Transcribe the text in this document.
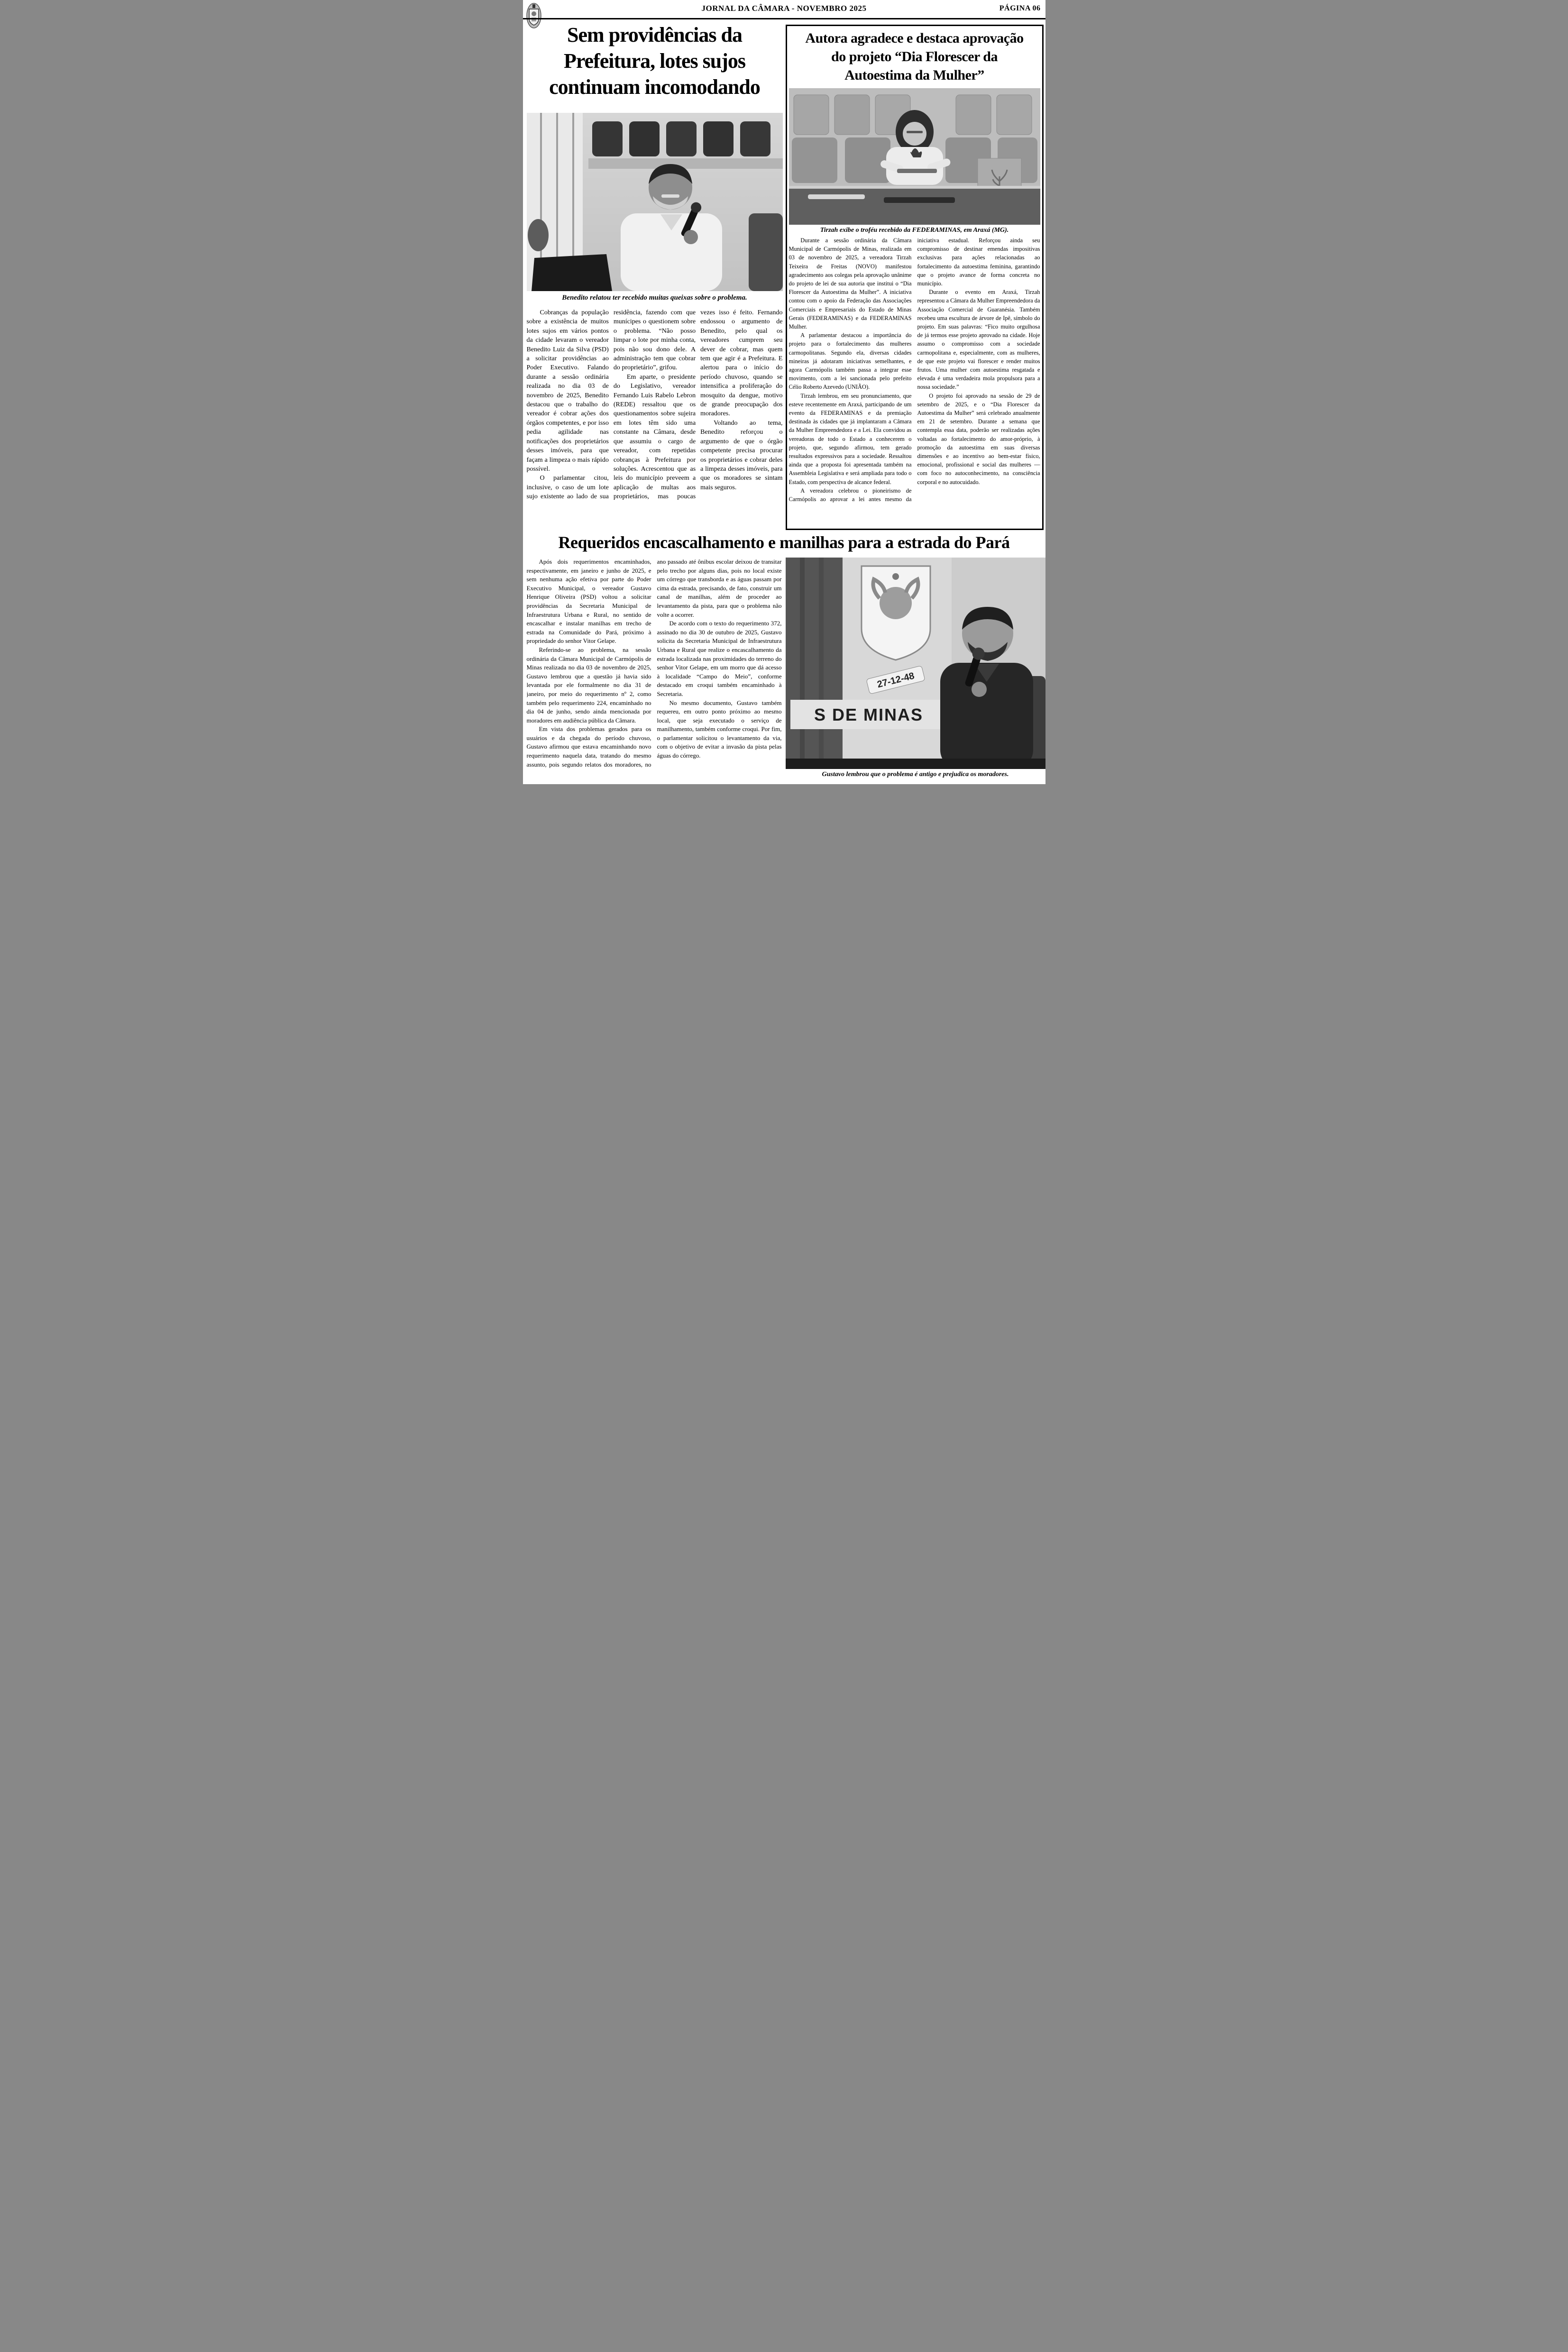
JORNAL DA CÂMARA - NOVEMBRO 2025	PÁGINA 06
Sem providências da Prefeitura, lotes sujos continuam incomodando
Benedito relatou ter recebido muitas queixas sobre o problema.

Cobranças da população sobre a existência de muitos lotes sujos em vários pontos da cidade levaram o vereador Benedito Luiz da Silva (PSD) a solicitar providências ao Poder Executivo. Falando durante a sessão ordinária realizada no dia 03 de novembro de 2025, Benedito destacou que o trabalho do vereador é cobrar ações dos órgãos competentes, e por isso pedia agilidade nas notificações dos proprietários desses imóveis, para que façam a limpeza o mais rápido possível.

O parlamentar citou, inclusive, o caso de um lote sujo existente ao lado de sua residência, fazendo com que munícipes o questionem sobre o problema. “Não posso limpar o lote por minha conta, pois não sou dono dele. A administração tem que cobrar do proprietário”, grifou.

Em aparte, o presidente do Legislativo, vereador Fernando Luis Rabelo Lebron (REDE) ressaltou que os questionamentos sobre sujeira em lotes têm sido uma constante na Câmara, desde que assumiu o cargo de vereador, com repetidas cobranças à Prefeitura por soluções. Acrescentou que as leis do município preveem a aplicação de multas aos proprietários, mas poucas vezes isso é feito. Fernando endossou o argumento de Benedito, pelo qual os vereadores cumprem seu dever de cobrar, mas quem tem que agir é a Prefeitura. E alertou para o início do período chuvoso, quando se intensifica a proliferação do mosquito da dengue, motivo de grande preocupação dos moradores.

Voltando ao tema, Benedito reforçou o argumento de que o órgão competente precisa procurar os proprietários e cobrar deles a limpeza desses imóveis, para que os moradores se sintam mais seguros.

Autora agradece e destaca aprovação do projeto “Dia Florescer da Autoestima da Mulher”
Tirzah exibe o troféu recebido da FEDERAMINAS, em Araxá (MG).

Durante a sessão ordinária da Câmara Municipal de Carmópolis de Minas, realizada em 03 de novembro de 2025, a vereadora Tirzah Teixeira de Freitas (NOVO) manifestou agradecimento aos colegas pela aprovação unânime do projeto de lei de sua autoria que institui o “Dia Florescer da Autoestima da Mulher”. A iniciativa contou com o apoio da Federação das Associações Comerciais e Empresariais do Estado de Minas Gerais (FEDERAMINAS) e da FEDERAMINAS Mulher.

A parlamentar destacou a importância do projeto para o fortalecimento das mulheres carmopolitanas. Segundo ela, diversas cidades mineiras já adotaram iniciativas semelhantes, e agora Carmópolis também passa a integrar esse movimento, com a lei sancionada pelo prefeito Célio Roberto Azevedo (UNIÃO).

Tirzah lembrou, em seu pronunciamento, que esteve recentemente em Araxá, participando de um evento da FEDERAMINAS e da premiação destinada às cidades que já implantaram a Câmara da Mulher Empreendedora e a Lei. Ela convidou as vereadoras de todo o Estado a conhecerem o projeto, que, segundo afirmou, tem gerado resultados expressivos para a sociedade. Ressaltou ainda que a proposta foi apresentada também na Assembleia Legislativa e será ampliada para todo o Estado, com perspectiva de alcance federal.

A vereadora celebrou o pioneirismo de Carmópolis ao aprovar a lei antes mesmo da iniciativa estadual. Reforçou ainda seu compromisso de destinar emendas impositivas exclusivas para ações relacionadas ao fortalecimento da autoestima feminina, garantindo que o projeto avance de forma concreta no município.

Durante o evento em Araxá, Tirzah representou a Câmara da Mulher Empreendedora da Associação Comercial de Guaranésia. Também recebeu uma escultura de árvore de Ipê, símbolo do projeto. Em suas palavras: “Fico muito orgulhosa de já termos esse projeto aprovado na cidade. Hoje assumo o compromisso com a sociedade carmopolitana e, especialmente, com as mulheres, de que este projeto vai florescer e render muitos frutos. Uma mulher com autoestima resgatada e elevada é uma verdadeira mola propulsora para a nossa sociedade.”

O projeto foi aprovado na sessão de 29 de setembro de 2025, e o “Dia Florescer da Autoestima da Mulher” será celebrado anualmente em 21 de setembro. Durante a semana que contempla essa data, poderão ser realizadas ações voltadas ao fortalecimento do amor-próprio, à promoção da autoestima em suas diversas dimensões e ao incentivo ao bem-estar físico, emocional, profissional e social das mulheres — com foco no autoconhecimento, na consciência corporal e no autocuidado.

Requeridos encascalhamento e manilhas para a estrada do Pará

Após dois requerimentos encaminhados, respectivamente, em janeiro e junho de 2025, e sem nenhuma ação efetiva por parte do Poder Executivo Municipal, o vereador Gustavo Henrique Oliveira (PSD) voltou a solicitar providências da Secretaria Municipal de Infraestrutura Urbana e Rural, no sentido de encascalhar e instalar manilhas em trecho de estrada na Comunidade do Pará, próximo à propriedade do senhor Vitor Gelape.

Referindo-se ao problema, na sessão ordinária da Câmara Municipal de Carmópolis de Minas realizada no dia 03 de novembro de 2025, Gustavo lembrou que a questão já havia sido levantada por ele formalmente no dia 31 de janeiro, por meio do requerimento nº 2, como também pelo requerimento 224, encaminhado no dia 04 de junho, sendo ainda mencionada por moradores em audiência pública da Câmara.

Em vista dos problemas gerados para os usuários e da chegada do período chuvoso, Gustavo afirmou que estava encaminhando novo requerimento naquela data, tratando do mesmo assunto, pois segundo relatos dos moradores, no ano passado até ônibus escolar deixou de transitar pelo trecho por alguns dias, pois no local existe um córrego que transborda e as águas passam por cima da estrada, precisando, de fato, construir um canal de manilhas, além de proceder ao levantamento da pista, para que o problema não volte a ocorrer.

De acordo com o texto do requerimento 372, assinado no dia 30 de outubro de 2025, Gustavo solicita da Secretaria Municipal de Infraestrutura Urbana e Rural que realize o encascalhamento da estrada localizada nas proximidades do terreno do senhor Vitor Gelape, em um morro que dá acesso à localidade “Campo do Meio”, conforme destacado em croqui também encaminhado à Secretaria.

No mesmo documento, Gustavo também requereu, em outro ponto próximo ao mesmo local, que seja executado o serviço de manilhamento, também conforme croqui. Por fim, o parlamentar solicitou o levantamento da via, com o objetivo de evitar a invasão da pista pelas águas do córrego.

27-12-48
S DE MINAS
Gustavo lembrou que o problema é antigo e prejudica os moradores.
